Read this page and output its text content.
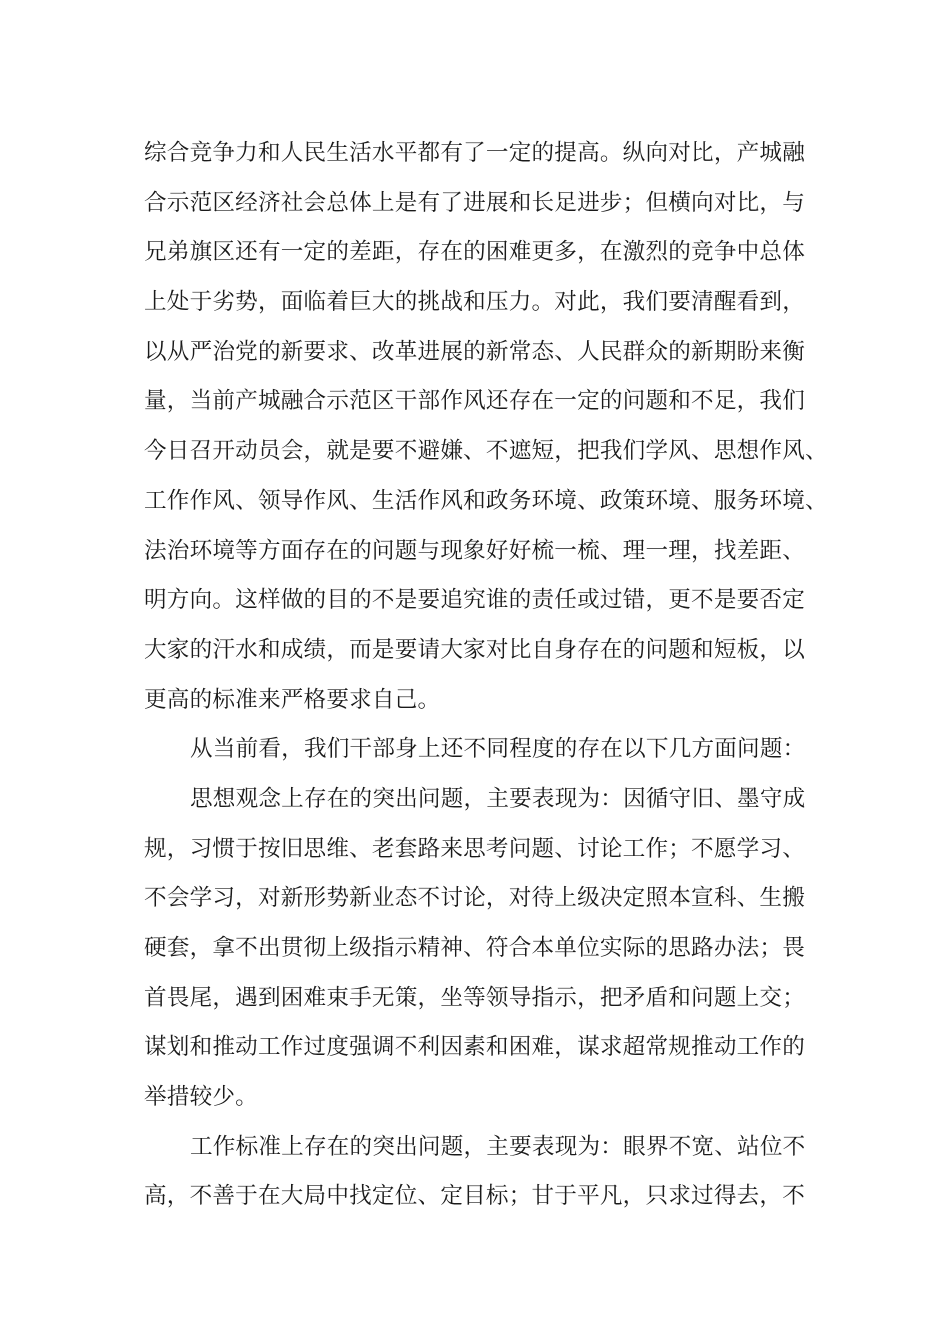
综合竞争力和人民生活水平都有了一定的提高。纵向对比，产城融
合示范区经济社会总体上是有了进展和长足进步；但横向对比，与
兄弟旗区还有一定的差距，存在的困难更多，在激烈的竞争中总体
上处于劣势，面临着巨大的挑战和压力。对此，我们要清醒看到，
以从严治党的新要求、改革进展的新常态、人民群众的新期盼来衡
量，当前产城融合示范区干部作风还存在一定的问题和不足，我们
今日召开动员会，就是要不避嫌、不遮短，把我们学风、思想作风、
工作作风、领导作风、生活作风和政务环境、政策环境、服务环境、
法治环境等方面存在的问题与现象好好梳一梳、理一理，找差距、
明方向。这样做的目的不是要追究谁的责任或过错，更不是要否定
大家的汗水和成绩，而是要请大家对比自身存在的问题和短板，以
更高的标准来严格要求自己。
从当前看，我们干部身上还不同程度的存在以下几方面问题：
思想观念上存在的突出问题，主要表现为：因循守旧、墨守成
规，习惯于按旧思维、老套路来思考问题、讨论工作；不愿学习、
不会学习，对新形势新业态不讨论，对待上级决定照本宣科、生搬
硬套，拿不出贯彻上级指示精神、符合本单位实际的思路办法；畏
首畏尾，遇到困难束手无策，坐等领导指示，把矛盾和问题上交；
谋划和推动工作过度强调不利因素和困难，谋求超常规推动工作的
举措较少。
工作标准上存在的突出问题，主要表现为：眼界不宽、站位不
高，不善于在大局中找定位、定目标；甘于平凡，只求过得去，不
